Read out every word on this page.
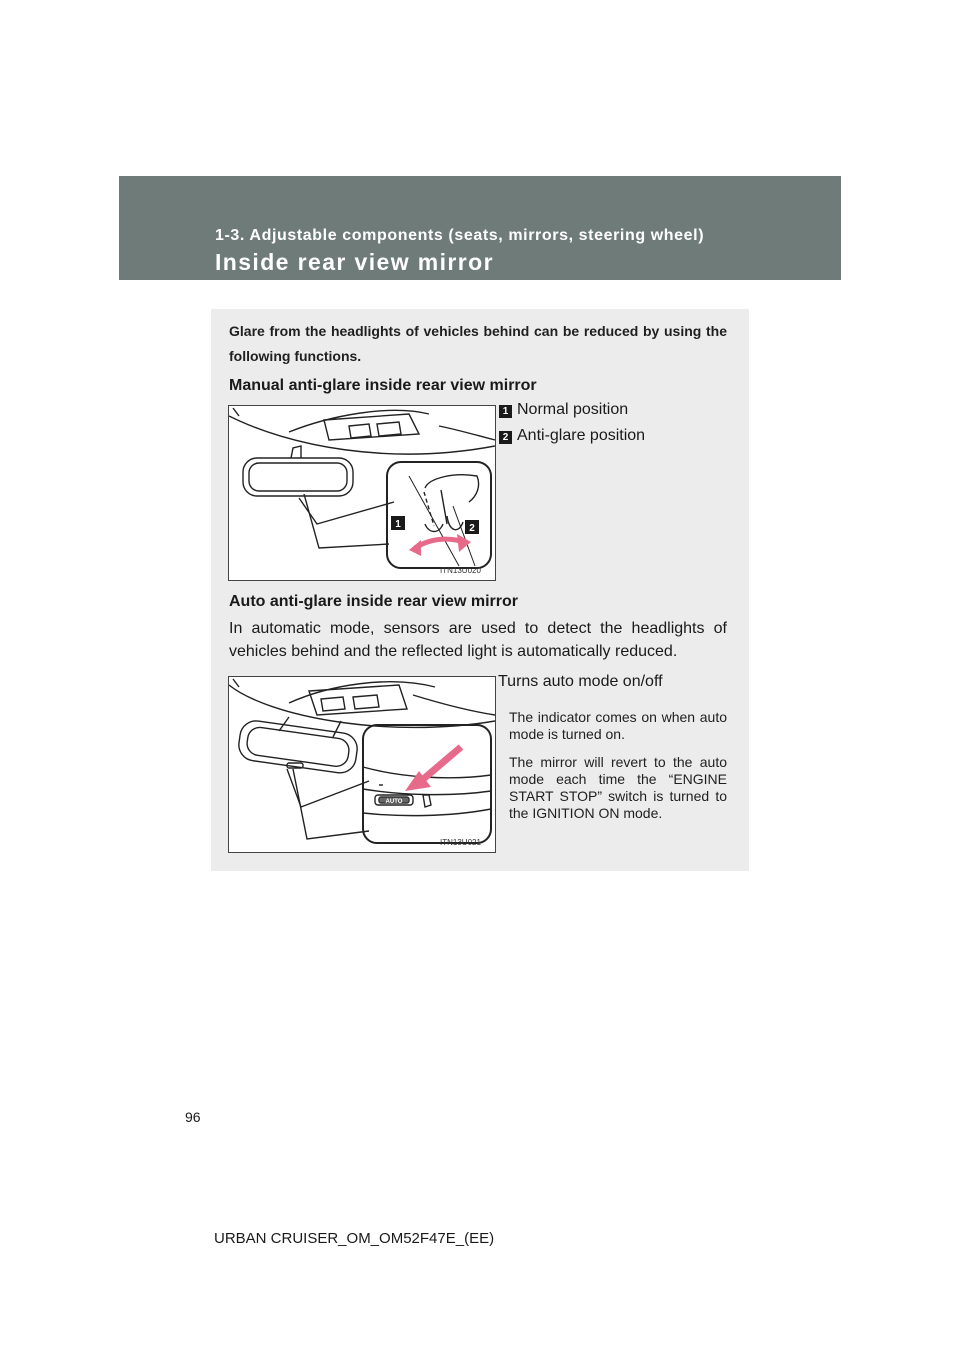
1-3. Adjustable components (seats, mirrors, steering wheel)
Inside rear view mirror
Glare from the headlights of vehicles behind can be reduced by using the following functions.
Manual anti-glare inside rear view mirror
1	2
ITN13U020
1 Normal position
2 Anti-glare position
Auto anti-glare inside rear view mirror
In automatic mode, sensors are used to detect the headlights of vehicles behind and the reflected light is automatically reduced.
AUTO
ITN13U021
Turns auto mode on/off
The indicator comes on when auto mode is turned on.
The mirror will revert to the auto mode each time the “ENGINE START STOP” switch is turned to the IGNITION ON mode.
96
URBAN CRUISER_OM_OM52F47E_(EE)
